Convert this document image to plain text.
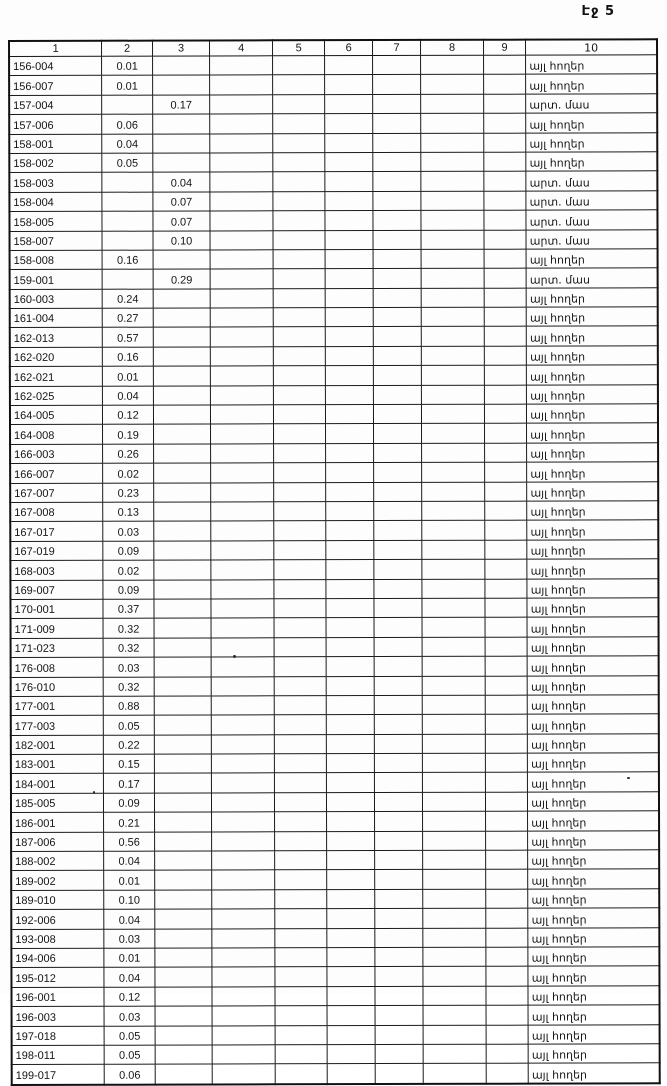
Էջ 5
1	2	3	4	5	6	7	8	9	10
156-004	0.01								այլ հողեր
156-007	0.01								այլ հողեր
157-004		0.17							արտ. մաս
157-006	0.06								այլ հողեր
158-001	0.04								այլ հողեր
158-002	0.05								այլ հողեր
158-003		0.04							արտ. մաս
158-004		0.07							արտ. մաս
158-005		0.07							արտ. մաս
158-007		0.10							արտ. մաս
158-008	0.16								այլ հողեր
159-001		0.29							արտ. մաս
160-003	0.24								այլ հողեր
161-004	0.27								այլ հողեր
162-013	0.57								այլ հողեր
162-020	0.16								այլ հողեր
162-021	0.01								այլ հողեր
162-025	0.04								այլ հողեր
164-005	0.12								այլ հողեր
164-008	0.19								այլ հողեր
166-003	0.26								այլ հողեր
166-007	0.02								այլ հողեր
167-007	0.23								այլ հողեր
167-008	0.13								այլ հողեր
167-017	0.03								այլ հողեր
167-019	0.09								այլ հողեր
168-003	0.02								այլ հողեր
169-007	0.09								այլ հողեր
170-001	0.37								այլ հողեր
171-009	0.32								այլ հողեր
171-023	0.32								այլ հողեր
176-008	0.03								այլ հողեր
176-010	0.32								այլ հողեր
177-001	0.88								այլ հողեր
177-003	0.05								այլ հողեր
182-001	0.22								այլ հողեր
183-001	0.15								այլ հողեր
184-001	0.17								այլ հողեր
185-005	0.09								այլ հողեր
186-001	0.21								այլ հողեր
187-006	0.56								այլ հողեր
188-002	0.04								այլ հողեր
189-002	0.01								այլ հողեր
189-010	0.10								այլ հողեր
192-006	0.04								այլ հողեր
193-008	0.03								այլ հողեր
194-006	0.01								այլ հողեր
195-012	0.04								այլ հողեր
196-001	0.12								այլ հողեր
196-003	0.03								այլ հողեր
197-018	0.05								այլ հողեր
198-011	0.05								այլ հողեր
199-017	0.06								այլ հողեր
